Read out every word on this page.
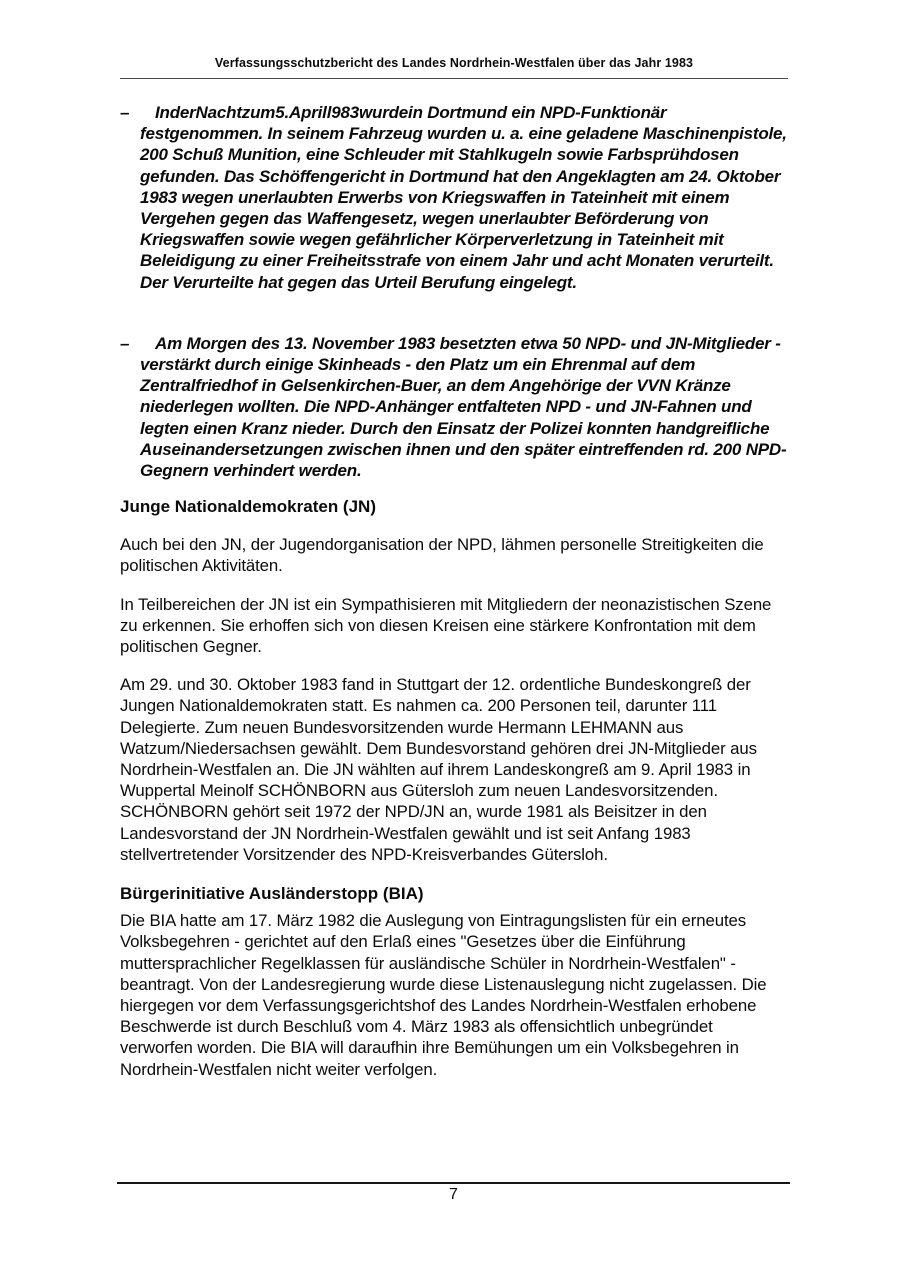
Verfassungsschutzbericht des Landes Nordrhein-Westfalen über das Jahr 1983
–	InderNachtzum5.Aprill983wurdein Dortmund ein NPD-Funktionär festgenommen. In seinem Fahrzeug wurden u. a. eine geladene Maschinenpistole, 200 Schuß Munition, eine Schleuder mit Stahlkugeln sowie Farbsprühdosen gefunden. Das Schöffengericht in Dortmund hat den Angeklagten am 24. Oktober 1983 wegen unerlaubten Erwerbs von Kriegswaffen in Tateinheit mit einem Vergehen gegen das Waffengesetz, wegen unerlaubter Beförderung von Kriegswaffen sowie wegen gefährlicher Körperverletzung in Tateinheit mit Beleidigung zu einer Freiheitsstrafe von einem Jahr und acht Monaten verurteilt. Der Verurteilte hat gegen das Urteil Berufung eingelegt.

–	Am Morgen des 13. November 1983 besetzten etwa 50 NPD- und JN-Mitglieder - verstärkt durch einige Skinheads - den Platz um ein Ehrenmal auf dem Zentralfriedhof in Gelsenkirchen-Buer, an dem Angehörige der VVN Kränze niederlegen wollten. Die NPD-Anhänger entfalteten NPD - und JN-Fahnen und legten einen Kranz nieder. Durch den Einsatz der Polizei konnten handgreifliche Auseinandersetzungen zwischen ihnen und den später eintreffenden rd. 200 NPD-Gegnern verhindert werden.

Junge Nationaldemokraten (JN)

Auch bei den JN, der Jugendorganisation der NPD, lähmen personelle Streitigkeiten die politischen Aktivitäten.

In Teilbereichen der JN ist ein Sympathisieren mit Mitgliedern der neonazistischen Szene zu erkennen. Sie erhoffen sich von diesen Kreisen eine stärkere Konfrontation mit dem politischen Gegner.

Am 29. und 30. Oktober 1983 fand in Stuttgart der 12. ordentliche Bundeskongreß der Jungen Nationaldemokraten statt. Es nahmen ca. 200 Personen teil, darunter 111 Delegierte. Zum neuen Bundesvorsitzenden wurde Hermann LEHMANN aus Watzum/Niedersachsen gewählt. Dem Bundesvorstand gehören drei JN-Mitglieder aus Nordrhein-Westfalen an. Die JN wählten auf ihrem Landeskongreß am 9. April 1983 in Wuppertal Meinolf SCHÖNBORN aus Gütersloh zum neuen Landesvorsitzenden. SCHÖNBORN gehört seit 1972 der NPD/JN an, wurde 1981 als Beisitzer in den Landesvorstand der JN Nordrhein-Westfalen gewählt und ist seit Anfang 1983 stellvertretender Vorsitzender des NPD-Kreisverbandes Gütersloh.

Bürgerinitiative Ausländerstopp (BIA)

Die BIA hatte am 17. März 1982 die Auslegung von Eintragungslisten für ein erneutes Volksbegehren - gerichtet auf den Erlaß eines "Gesetzes über die Einführung muttersprachlicher Regelklassen für ausländische Schüler in Nordrhein-Westfalen" - beantragt. Von der Landesregierung wurde diese Listenauslegung nicht zugelassen. Die hiergegen vor dem Verfassungsgerichtshof des Landes Nordrhein-Westfalen erhobene Beschwerde ist durch Beschluß vom 4. März 1983 als offensichtlich unbegründet verworfen worden. Die BIA will daraufhin ihre Bemühungen um ein Volksbegehren in Nordrhein-Westfalen nicht weiter verfolgen.

7
